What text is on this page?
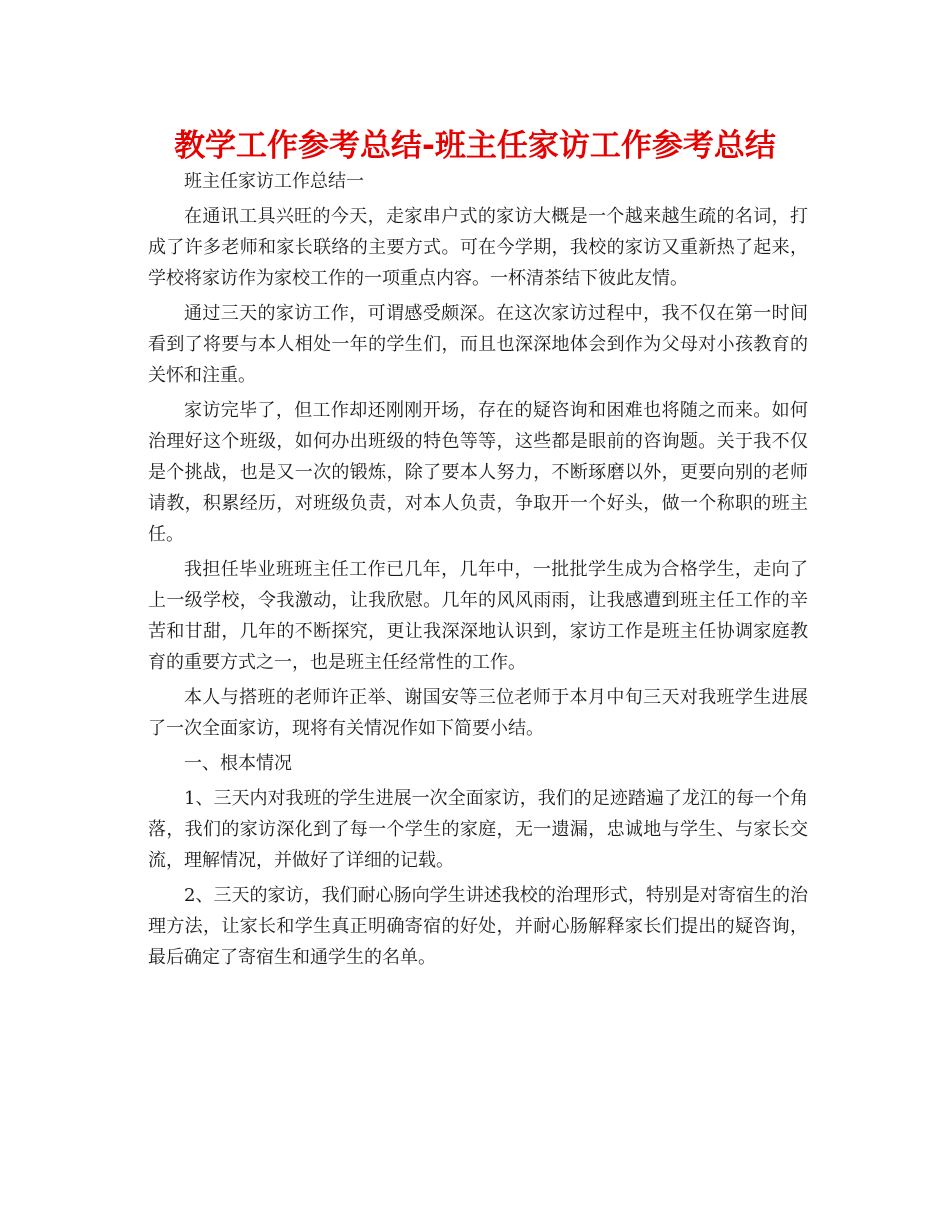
教学工作参考总结-班主任家访工作参考总结

班主任家访工作总结一

在通讯工具兴旺的今天，走家串户式的家访大概是一个越来越生疏的名词，打成了许多老师和家长联络的主要方式。可在今学期，我校的家访又重新热了起来，学校将家访作为家校工作的一项重点内容。一杯清茶结下彼此友情。

通过三天的家访工作，可谓感受颇深。在这次家访过程中，我不仅在第一时间看到了将要与本人相处一年的学生们，而且也深深地体会到作为父母对小孩教育的关怀和注重。

家访完毕了，但工作却还刚刚开场，存在的疑咨询和困难也将随之而来。如何治理好这个班级，如何办出班级的特色等等，这些都是眼前的咨询题。关于我不仅是个挑战，也是又一次的锻炼，除了要本人努力，不断琢磨以外，更要向别的老师请教，积累经历，对班级负责，对本人负责，争取开一个好头，做一个称职的班主任。

我担任毕业班班主任工作已几年，几年中，一批批学生成为合格学生，走向了上一级学校，令我激动，让我欣慰。几年的风风雨雨，让我感遭到班主任工作的辛苦和甘甜，几年的不断探究，更让我深深地认识到，家访工作是班主任协调家庭教育的重要方式之一，也是班主任经常性的工作。

本人与搭班的老师许正举、谢国安等三位老师于本月中旬三天对我班学生进展了一次全面家访，现将有关情况作如下简要小结。

一、根本情况

1、三天内对我班的学生进展一次全面家访，我们的足迹踏遍了龙江的每一个角落，我们的家访深化到了每一个学生的家庭，无一遗漏，忠诚地与学生、与家长交流，理解情况，并做好了详细的记载。

2、三天的家访，我们耐心肠向学生讲述我校的治理形式，特别是对寄宿生的治理方法，让家长和学生真正明确寄宿的好处，并耐心肠解释家长们提出的疑咨询，最后确定了寄宿生和通学生的名单。
